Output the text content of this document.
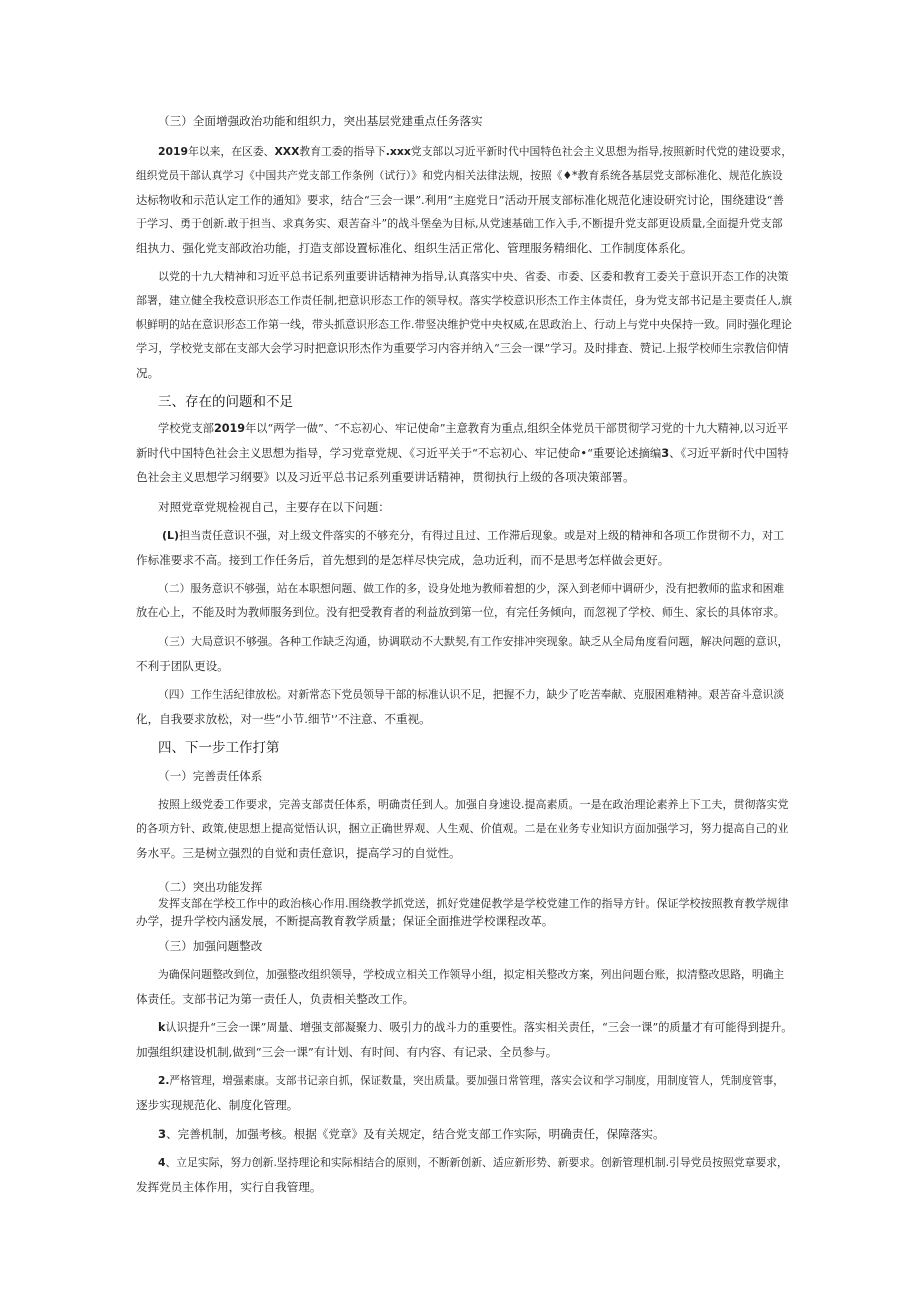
（三）全面增强政治功能和组织力，突出基层党建重点任务落实
2019年以来，在区委、XXX教育工委的指导下.xxx党支部以习近平新时代中国特色社会主义思想为指导,按照新时代党的建设要求，
组织党员干部认真学习《中国共产党支部工作条例（试行）》和党内相关法律法规，按照《♦*教育系统各基层党支部标准化、规范化族设
达标物收和示范认定工作的通知》要求，结合“三会一课”.利用“主庭党日”活动开展支部标准化规范化速设研究讨论，围绕建设“善
于学习、勇于创新.敢于担当、求真务实、艰苦奋斗”的战斗堡垒为目标,从党速基础工作入手,不断提升党支部更设质量,全面提升党支部
组执力、强化党支部政治功能，打造支部设置标准化、组织生活正常化、管理服务精细化、工作制度体系化。
以党的十九大精神和习近平总书记系列重要讲话精神为指导,认真落实中央、省委、市委、区委和教育工委关于意识开态工作的决策
部署，建立健全我校意识形态工作责任制,把意识形态工作的领导权。落实学校意识形杰工作主体责任，身为党支部书记是主要责任人,旗
帜鲜明的站在意识形态工作第一线，带头抓意识形态工作.带竖决维护党中央权威,在思政治上、行动上与党中央保持一致。同时强化理论
学习，学校党支部在支部大会学习时把意识形杰作为重要学习内容并纳入“三会一课”学习。及时排查、赞记.上报学校师生宗教信仰情
况。
三、存在的问题和不足
学校党支部2019年以“两学一做”、″不忘初心、牢记使命”主意教育为重点,组织全体党员干部贯彻学习党的十九大精神,以习近平
新时代中国特色社会主义思想为指导，学习党章党规、《习近平关于“不忘初心、牢记使命•“重要论述摘编3、《习近平新时代中国特
色社会主义思想学习纲要》以及习近平总书记系列重要讲话精神，贯彻执行上级的各项决策部署。
对照党章党规检视自己，主要存在以下问题：
(L)担当责任意识不强，对上级文件落实的不够充分，有得过且过、工作滞后现象。或是对上级的精神和各项工作贯彻不力，对工
作标准要求不高。接到工作任务后，首先想到的是怎样尽快完成，急功近利，而不是思考怎样做会更好。
（二）服务意识不够强，站在本职想问题、做工作的多，设身处地为教师着想的少，深入到老师中调研少，没有把教师的监求和困难
放在心上，不能及时为教师服务到位。没有把受教育者的利益放到第一位，有完任务倾向，而忽视了学校、师生、家长的具体帘求。
（三）大局意识不够强。各种工作缺乏沟通，协调联动不大默契,有工作安排冲突现象。缺乏从全局角度看问题，解决问题的意识，
不利于团队更设。
（四）工作生活纪律放松。对新常态下党员领导干部的标准认识不足，把握不力，缺少了吃苦奉献、克服困难精神。艰苦奋斗意识淡
化，自我要求放松，对一些“小节.细节'’不注意、不重视。
四、下一步工作打第
（一）完善责任体系
按照上级党委工作要求，完善支部责任体系，明确责任到人。加强自身速设.提高素质。一是在政治理论素养上下工夫，贯彻落实党
的各项方针、政策,使思想上提高觉悟认识，捆立正确世界观、人生观、价值观。二是在业务专业知识方面加强学习，努力提高自己的业
务水平。三是树立强烈的自觉和责任意识，提高学习的自觉性。
（二）突出功能发挥
发挥支部在学校工作中的政治核心作用.围绕教学抓党送，抓好党建促教学是学校党建工作的指导方针。保证学校按照教育教学规律
办学，提升学校内涵发展，不断提高教育教学质量；保证全面推进学校课程改革。
（三）加强问题整改
为确保问题整改到位，加强整改组织领导，学校成立相关工作领导小组，拟定相关整改方案，列出问题台账，拟清整改思路，明确主
体责任。支部书记为第一责任人，负责相关整改工作。
k认识提升“三会一课”周量、增强支部凝聚力、吸引力的战斗力的重要性。落实相关责任，“三会一课”的质量才有可能得到提升。
加强组织建设机制,做到“三会一课”有计划、有时间、有内容、有记录、全员参与。
2.严格管理，增强素康。支部书记亲自抓，保证数量，突出质量。要加强日常管理，落实会议和学习制度，用制度管人，凭制度管事，
逐步实现规范化、制度化管理。
3、完善机制，加强考核。根据《党章》及有关规定，结合党支部工作实际，明确责任，保障落实。
4、立足实际，努力创新.坚持理论和实际相结合的原则，不断新创新、适应新形势、新要求。创新管理机制.引导党员按照党章要求，
发挥党员主体作用，实行自我管理。
